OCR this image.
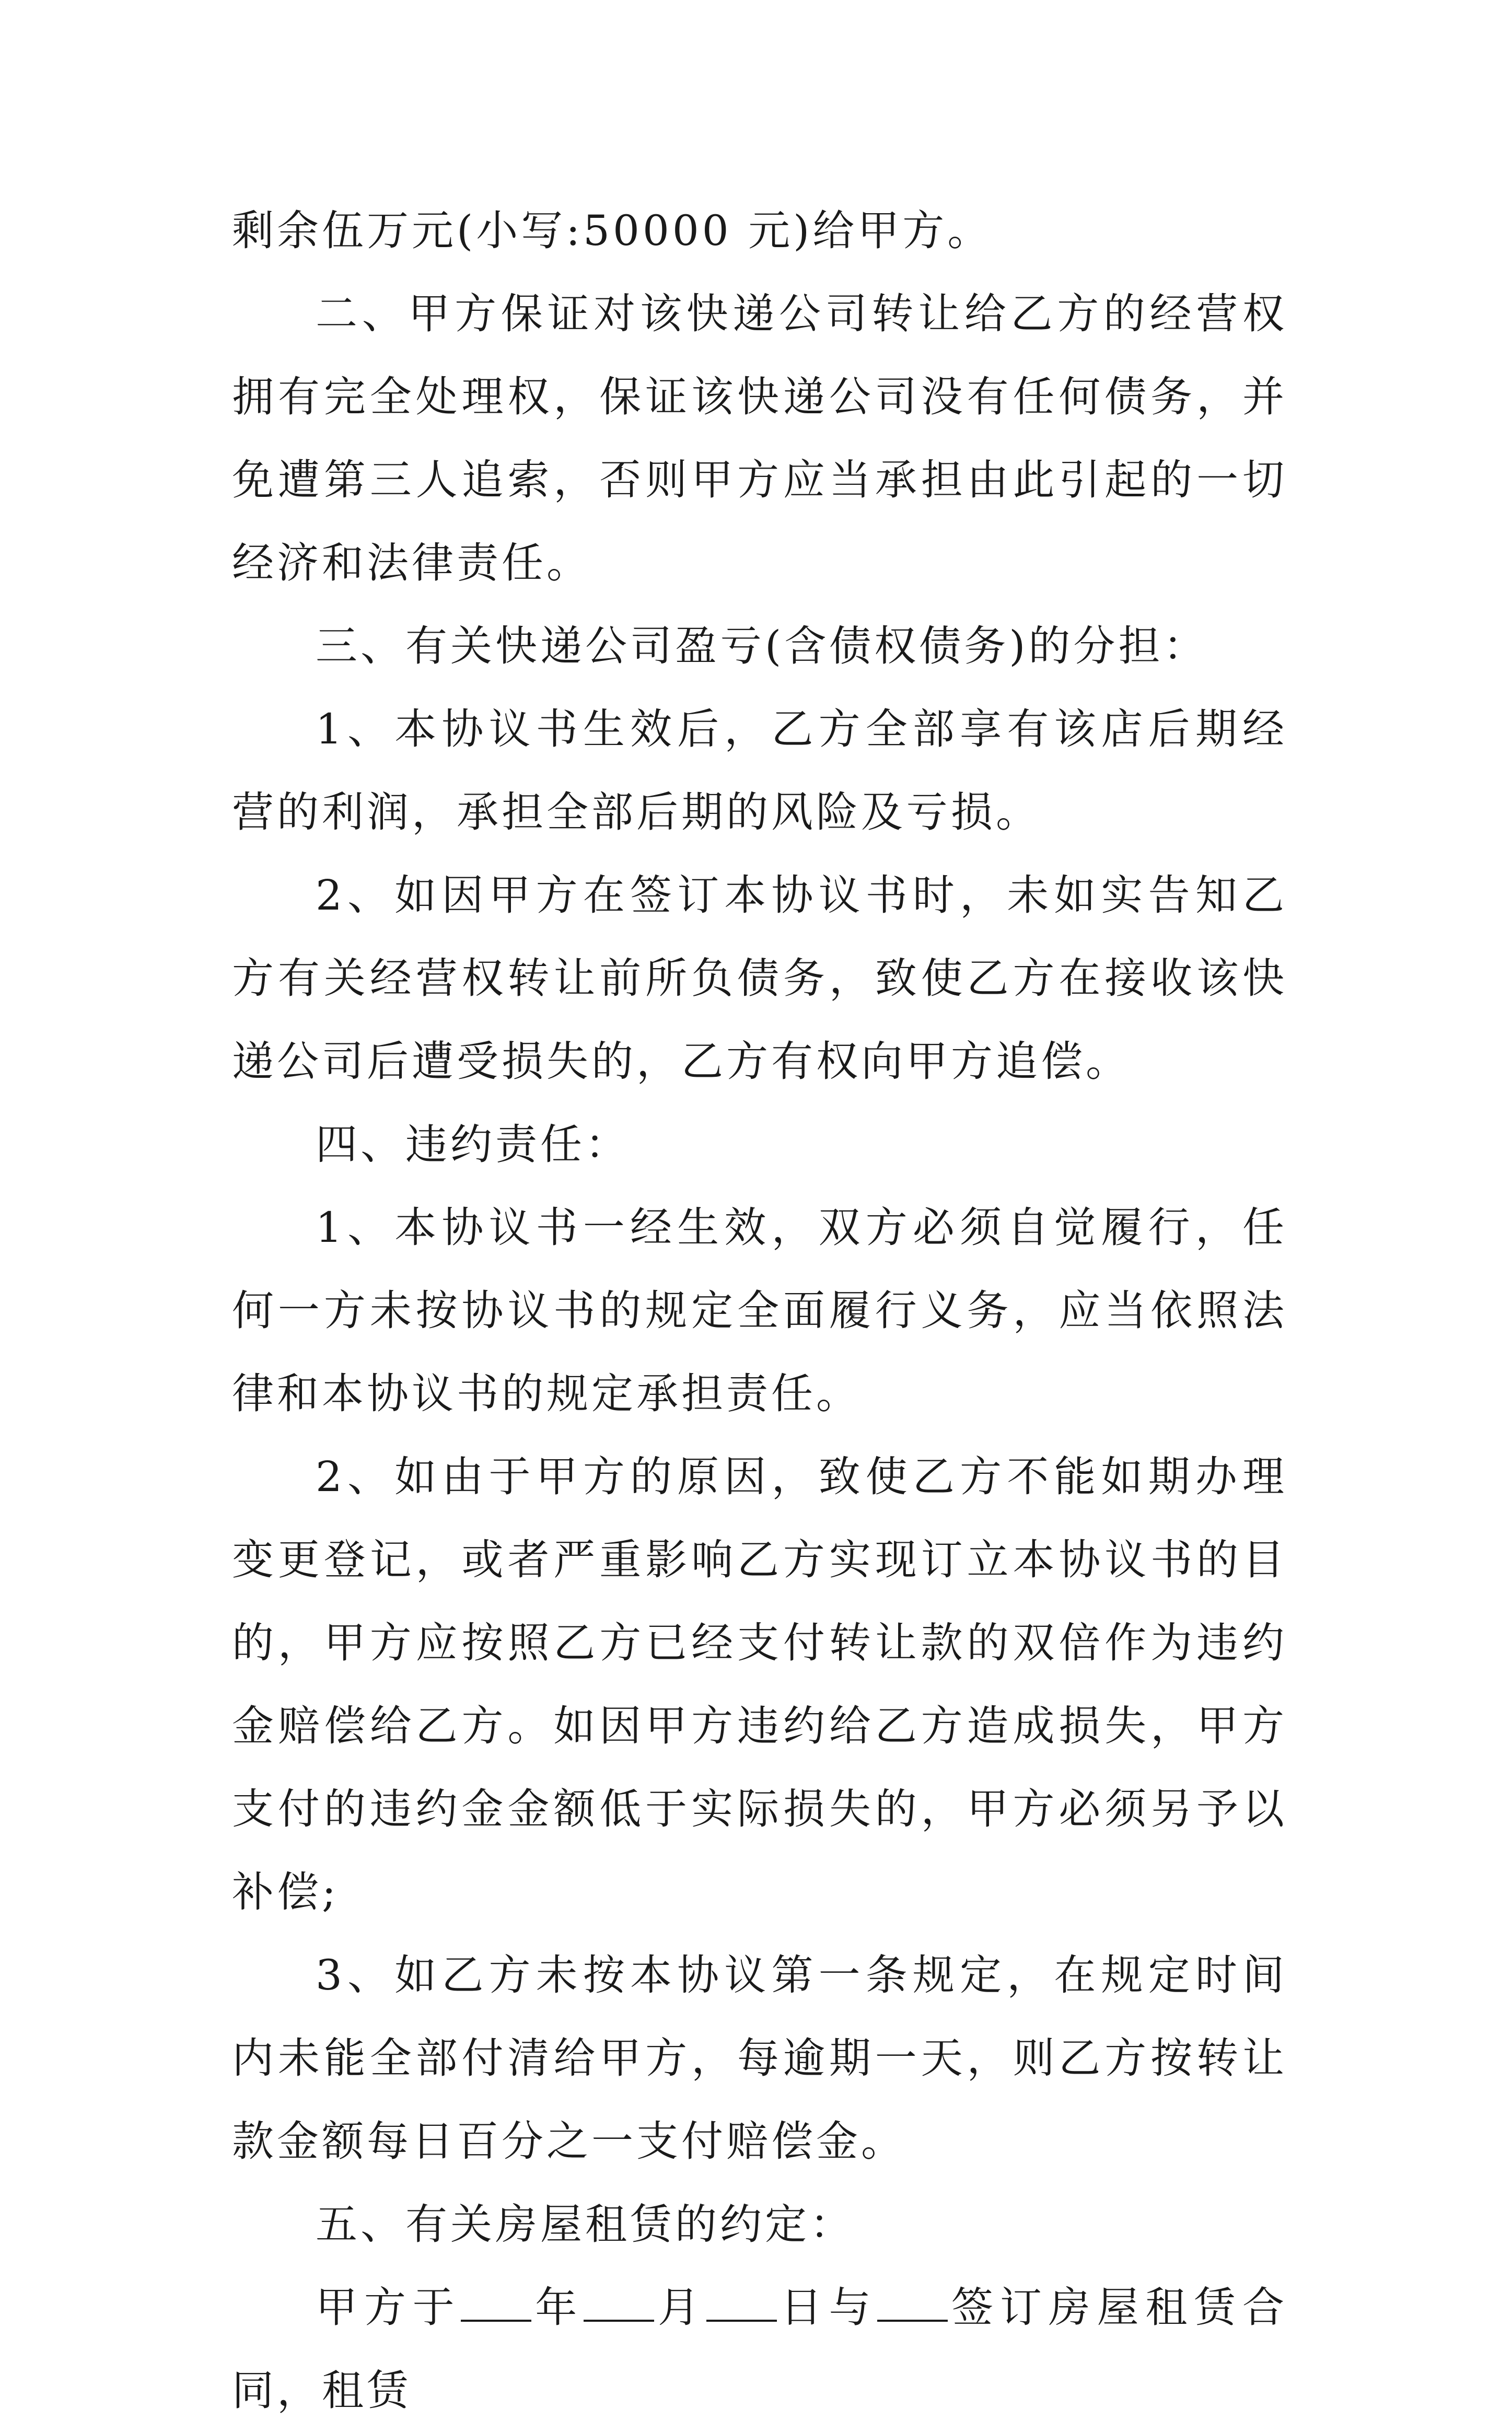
剩余伍万元(小写:50000 元)给甲方。

二、甲方保证对该快递公司转让给乙方的经营权拥有完全处理权，保证该快递公司没有任何债务，并免遭第三人追索，否则甲方应当承担由此引起的一切经济和法律责任。

三、有关快递公司盈亏(含债权债务)的分担：

1、本协议书生效后，乙方全部享有该店后期经营的利润，承担全部后期的风险及亏损。

2、如因甲方在签订本协议书时，未如实告知乙方有关经营权转让前所负债务，致使乙方在接收该快递公司后遭受损失的，乙方有权向甲方追偿。

四、违约责任：

1、本协议书一经生效，双方必须自觉履行，任何一方未按协议书的规定全面履行义务，应当依照法律和本协议书的规定承担责任。

2、如由于甲方的原因，致使乙方不能如期办理变更登记，或者严重影响乙方实现订立本协议书的目的，甲方应按照乙方已经支付转让款的双倍作为违约金赔偿给乙方。如因甲方违约给乙方造成损失，甲方支付的违约金金额低于实际损失的，甲方必须另予以补偿;

3、如乙方未按本协议第一条规定，在规定时间内未能全部付清给甲方，每逾期一天，则乙方按转让款金额每日百分之一支付赔偿金。

五、有关房屋租赁的约定：

甲方于 年 月 日与 签订房屋租赁合同，租赁
